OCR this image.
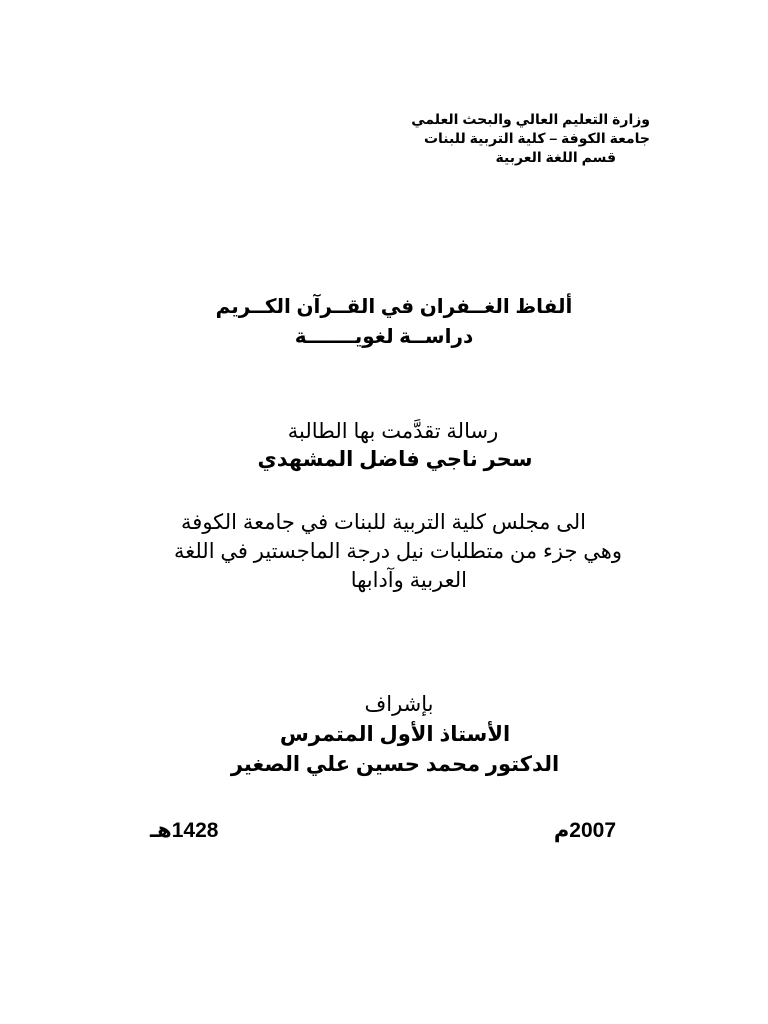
وزارة التعليم العالي والبحث العلمي
جامعة الكوفة – كلية التربية للبنات
قسم اللغة العربية
ألفاظ الغــفران في القــرآن الكــريم
دراســة لغويـــــــة
رسالة تقدَّمت بها الطالبة
سحر ناجي فاضل المشهدي
الى مجلس كلية التربية للبنات في جامعة الكوفة
وهي جزء من متطلبات نيل درجة الماجستير في اللغة
العربية وآدابها
بإشراف
الأستاذ الأول المتمرس
الدكتور محمد حسين علي الصغير
2007م
1428هـ
